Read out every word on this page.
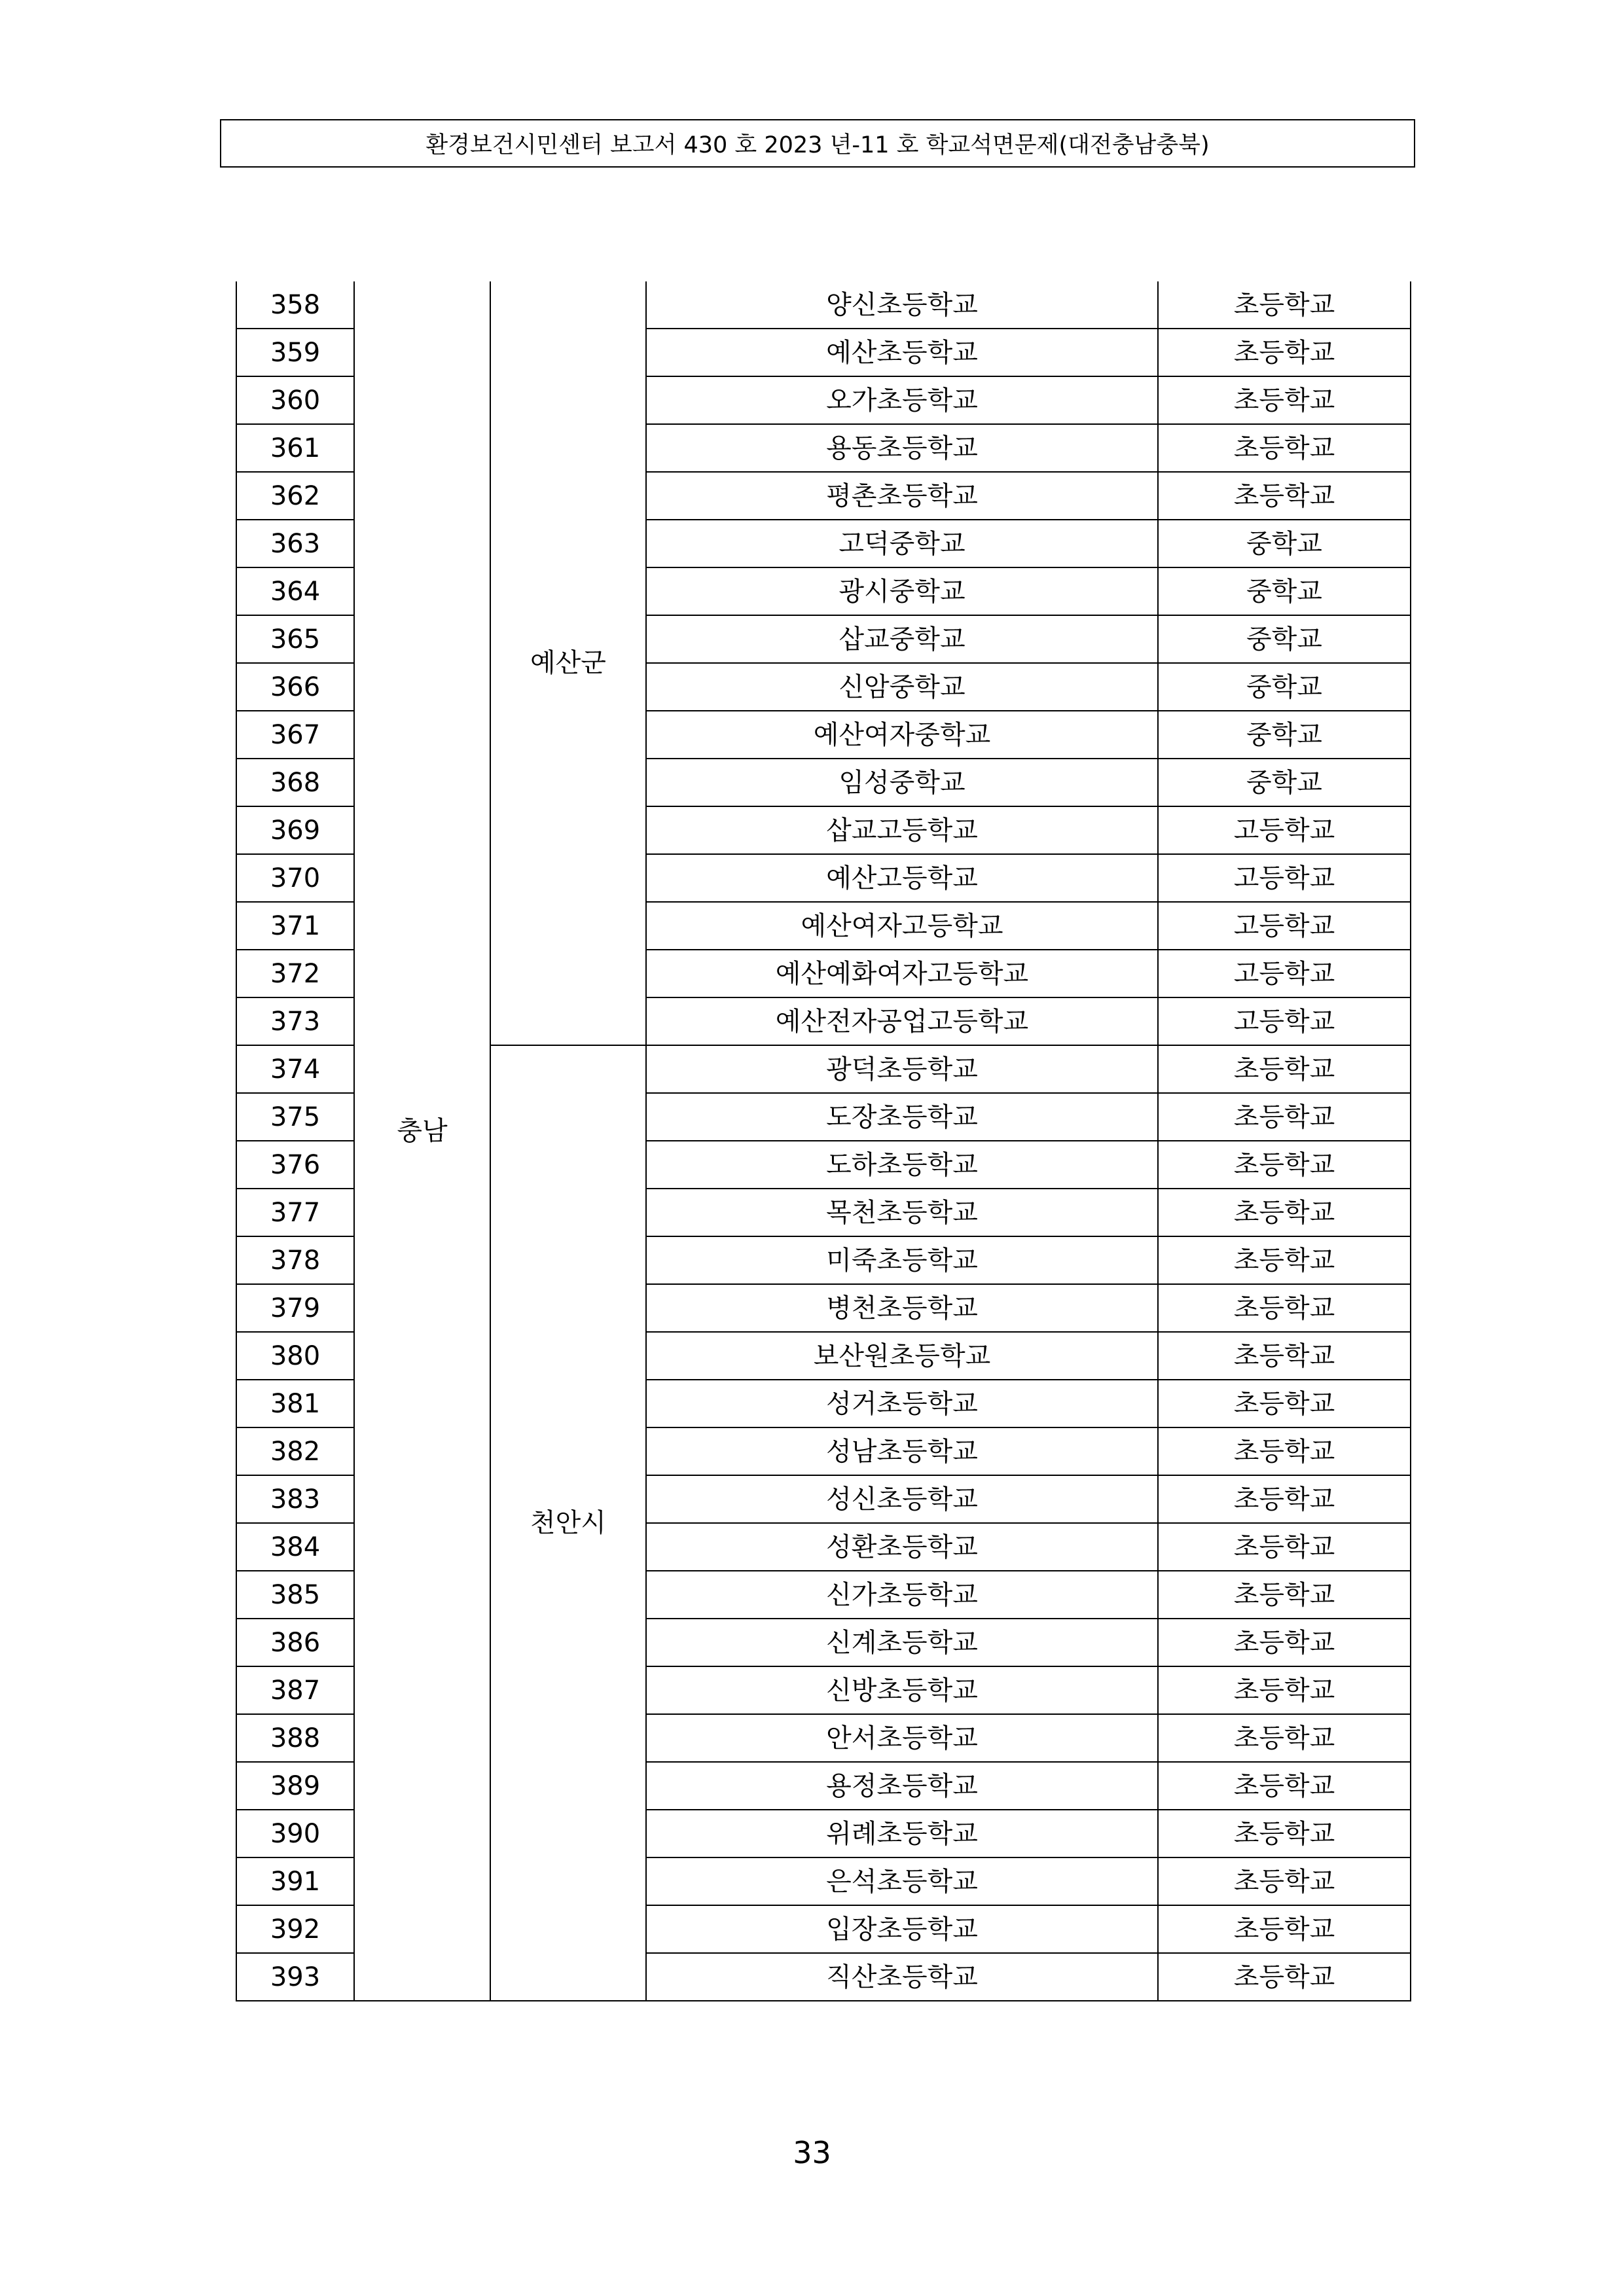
환경보건시민센터 보고서 430 호 2023 년-11 호 학교석면문제(대전충남충북)
358	충남	예산군	양신초등학교	초등학교
359			예산초등학교	초등학교
360			오가초등학교	초등학교
361			용동초등학교	초등학교
362			평촌초등학교	초등학교
363			고덕중학교	중학교
364			광시중학교	중학교
365			삽교중학교	중학교
366			신암중학교	중학교
367			예산여자중학교	중학교
368			임성중학교	중학교
369			삽교고등학교	고등학교
370			예산고등학교	고등학교
371			예산여자고등학교	고등학교
372			예산예화여자고등학교	고등학교
373			예산전자공업고등학교	고등학교
374		천안시	광덕초등학교	초등학교
375			도장초등학교	초등학교
376			도하초등학교	초등학교
377			목천초등학교	초등학교
378			미죽초등학교	초등학교
379			병천초등학교	초등학교
380			보산원초등학교	초등학교
381			성거초등학교	초등학교
382			성남초등학교	초등학교
383			성신초등학교	초등학교
384			성환초등학교	초등학교
385			신가초등학교	초등학교
386			신계초등학교	초등학교
387			신방초등학교	초등학교
388			안서초등학교	초등학교
389			용정초등학교	초등학교
390			위례초등학교	초등학교
391			은석초등학교	초등학교
392			입장초등학교	초등학교
393			직산초등학교	초등학교
33
